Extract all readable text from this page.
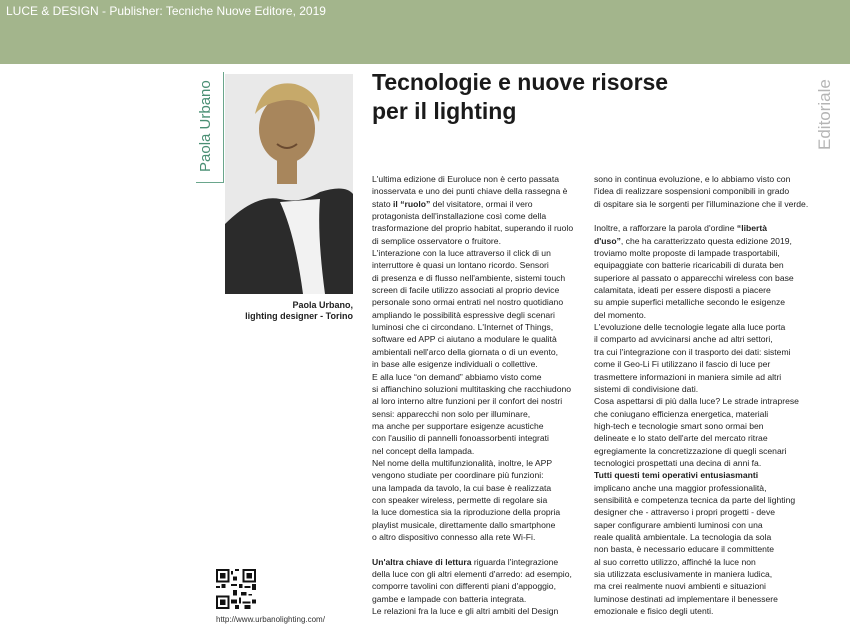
LUCE & DESIGN - Publisher: Tecniche Nuove Editore, 2019
Paola Urbano
Paola Urbano,
lighting designer - Torino
http://www.urbanolighting.com/
Tecnologie e nuove risorse
per il lighting	Editoriale
L'ultima edizione di Euroluce non è certo passata
inosservata e uno dei punti chiave della rassegna è
stato il “ruolo” del visitatore, ormai il vero
protagonista dell'installazione così come della
trasformazione del proprio habitat, superando il ruolo
di semplice osservatore o fruitore.
L'interazione con la luce attraverso il click di un
interruttore è quasi un lontano ricordo. Sensori
di presenza e di flusso nell'ambiente, sistemi touch
screen di facile utilizzo associati al proprio device
personale sono ormai entrati nel nostro quotidiano
ampliando le possibilità espressive degli scenari
luminosi che ci circondano. L'Internet of Things,
software ed APP ci aiutano a modulare le qualità
ambientali nell'arco della giornata o di un evento,
in base alle esigenze individuali o collettive.
E alla luce “on demand” abbiamo visto come
si affianchino soluzioni multitasking che racchiudono
al loro interno altre funzioni per il confort dei nostri
sensi: apparecchi non solo per illuminare,
ma anche per supportare esigenze acustiche
con l'ausilio di pannelli fonoassorbenti integrati
nel concept della lampada.
Nel nome della multifunzionalità, inoltre, le APP
vengono studiate per coordinare più funzioni:
una lampada da tavolo, la cui base è realizzata
con speaker wireless, permette di regolare sia
la luce domestica sia la riproduzione della propria
playlist musicale, direttamente dallo smartphone
o altro dispositivo connesso alla rete Wi-Fi.
Un'altra chiave di lettura riguarda l'integrazione
della luce con gli altri elementi d'arredo: ad esempio,
comporre tavolini con differenti piani d'appoggio,
gambe e lampade con batteria integrata.
Le relazioni fra la luce e gli altri ambiti del Design
sono in continua evoluzione, e lo abbiamo visto con
l'idea di realizzare sospensioni componibili in grado
di ospitare sia le sorgenti per l'illuminazione che il verde.
Inoltre, a rafforzare la parola d'ordine “libertà
d'uso”, che ha caratterizzato questa edizione 2019,
troviamo molte proposte di lampade trasportabili,
equipaggiate con batterie ricaricabili di durata ben
superiore al passato o apparecchi wireless con base
calamitata, ideati per essere disposti a piacere
su ampie superfici metalliche secondo le esigenze
del momento.
L'evoluzione delle tecnologie legate alla luce porta
il comparto ad avvicinarsi anche ad altri settori,
tra cui l'integrazione con il trasporto dei dati: sistemi
come il Geo-Li Fi utilizzano il fascio di luce per
trasmettere informazioni in maniera simile ad altri
sistemi di condivisione dati.
Cosa aspettarsi di più dalla luce? Le strade intraprese
che coniugano efficienza energetica, materiali
high-tech e tecnologie smart sono ormai ben
delineate e lo stato dell'arte del mercato ritrae
egregiamente la concretizzazione di quegli scenari
tecnologici prospettati una decina di anni fa.
Tutti questi temi operativi entusiasmanti
implicano anche una maggior professionalità,
sensibilità e competenza tecnica da parte del lighting
designer che - attraverso i propri progetti - deve
saper configurare ambienti luminosi con una
reale qualità ambientale. La tecnologia da sola
non basta, è necessario educare il committente
al suo corretto utilizzo, affinché la luce non
sia utilizzata esclusivamente in maniera ludica,
ma crei realmente nuovi ambienti e situazioni
luminose destinati ad implementare il benessere
emozionale e fisico degli utenti.
